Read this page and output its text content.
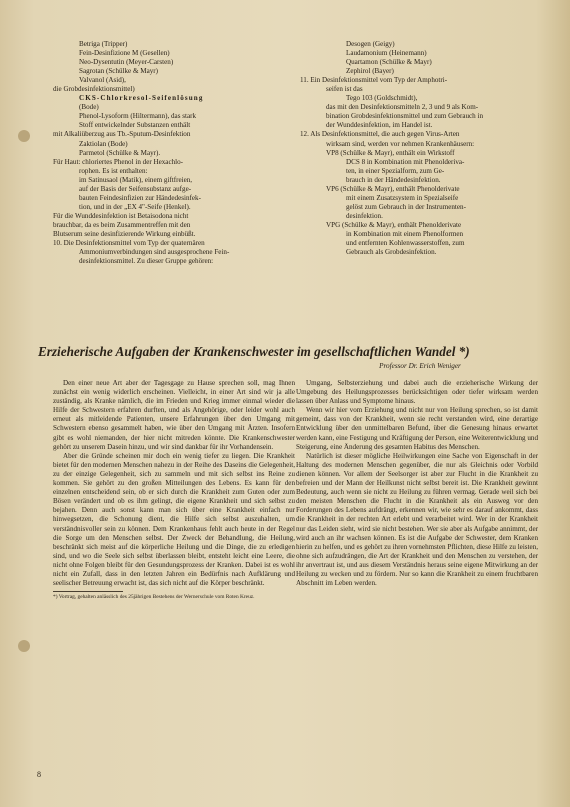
Betriga (Tripper)
Fein-Desinfizione M (Gesellen)
Neo-Dysentutin (Meyer-Carsten)
Sagrotan (Schülke & Mayr)
Valvanol (Asid),
die Grobdesinfektionsmittel)
CKS-Chlorkresol-Seifenlösung
(Bode)
Phenol-Lysoform (Hiltermann), das stark
Stoff entwickelnder Substanzen enthält
mit Alkaliüberzug aus Tb.-Sputum-Desinfektion
Zaktiolan (Bode)
Parmetol (Schülke & Mayr).
Für Haut: chloriertes Phenol in der Hexachlo-
rophen. Es ist enthalten:
im Satinusaol (Matik), einem giftfreien,
auf der Basis der Seifensubstanz aufge-
bauten Feindesinfizien zur Händedesinfek-
tion, und in der „EX 4"-Seife (Henkel).
Für die Wunddesinfektion ist Betaisodona nicht
brauchbar, da es beim Zusammentreffen mit den
Blutserum seine desinfizierende Wirkung einbüßt.
10. Die Desinfektionsmittel vom Typ der quaternären
Ammoniumverbindungen sind ausgesprochene Fein-
desinfektionsmittel. Zu dieser Gruppe gehören:
Desogen (Geigy)
Laudamonium (Heinemann)
Quartamon (Schülke & Mayr)
Zephirol (Bayer)
11. Ein Desinfektionsmittel vom Typ der Amphotri-
seifen ist das
Tego 103 (Goldschmidt),
das mit den Desinfektionsmitteln 2, 3 und 9 als Kom-
bination Grobdesinfektionsmittel und zum Gebrauch in
der Wunddesinfektion, im Handel ist.
12. Als Desinfektionsmittel, die auch gegen Virus-Arten
wirksam sind, werden vor nehmen Krankenhäusern:
VP8 (Schülke & Mayr), enthält ein Wirkstoff
DCS 8 in Kombination mit Phenolderiva-
ten, in einer Spezialform, zum Ge-
brauch in der Händedesinfektion.
VP6 (Schülke & Mayr), enthält Phenolderivate
mit einem Zusatzsystem in Spezialseife
gelöst zum Gebrauch in der Instrumenten-
desinfektion.
VPG (Schülke & Mayr), enthält Phenolderivate
in Kombination mit einem Phenolformen
und entfernten Kohlenwasserstoffen, zum
Gebrauch als Grobdesinfektion.
Erzieherische Aufgaben der Krankenschwester im gesellschaftlichen Wandel *)
Professor Dr. Erich Weniger
Den einer neue Art aber der Tagesgage zu Hause sprechen soll, mag Ihnen zunächst ein wenig widerlich erscheinen. Vielleicht, in einer Art sind wir ja alle zuständig, als Kranke nämlich, die im Frieden und Krieg immer einmal wieder die Hilfe der Schwestern erfahren durften, und als Angehörige, oder leider wohl auch erneut als mitleidende Patienten, unsere Erfahrungen über den Umgang mit Schwestern ebenso gesammelt haben, wie über den Umgang mit Ärzten. Insofern gibt es wohl niemanden, der hier nicht mitreden könnte. Die Krankenschwester gehört zu unserem Dasein hinzu, und wir sind dankbar für ihr Vorhandensein.
Aber die Gründe scheinen mir doch ein wenig tiefer zu liegen. Die Krankheit bietet für den modernen Menschen nahezu in der Reihe des Daseins die Gelegenheit, zu der einzige Gelegenheit, sich zu sammeln und mit sich selbst ins Reine zu kommen. Sie gehört zu den großen Mitteilungen des Lebens. Es kann für den einzelnen entscheidend sein, ob er sich durch die Krankheit zum Guten oder zum Bösen verändert und ob es ihm gelingt, die eigene Krankheit und sich selbst zu bejahen. Denn auch sonst kann man sich über eine Krankheit einfach nur hinwegsetzen, die Schonung dient, die Hilfe sich selbst auszuhalten, um verständnisvoller sein zu können. Dem Krankenhaus fehlt auch heute in der Regel die Sorge um den Menschen selbst. Der Zweck der Behandlung, die Heilung, beschränkt sich meist auf die körperliche Heilung und die Dinge, die zu erledigen sind, und wo die Seele sich selbst überlassen bleibt, entsteht leicht eine Leere, die nicht ohne Folgen bleibt für den Gesundungsprozess der Kranken. Dabei ist es wohl nicht ein Zufall, dass in den letzten Jahren ein Bedürfnis nach Aufklärung und seelischer Betreuung erwacht ist, das sich nicht auf die Körper beschränkt.
*) Vortrag, gehalten anlässlich des 25jährigen Bestehens der Wernerschule vom Roten Kreuz.
Umgang, Selbsterziehung und dabei auch die erzieherische Wirkung der Umgebung des Heilungsprozesses berücksichtigen oder tiefer wirksam werden lassen über Anlass und Symptome hinaus.
Wenn wir hier vom Erziehung und nicht nur von Heilung sprechen, so ist damit gemeint, dass von der Krankheit, wenn sie recht verstanden wird, eine derartige Entwicklung über den unmittelbaren Befund, über die Genesung hinaus erwartet werden kann, eine Festigung und Kräftigung der Person, eine Weiterentwicklung und Steigerung, eine Änderung des gesamten Habitus des Menschen.
Natürlich ist dieser mögliche Heilwirkungen eine Sache von Eigenschaft in der Haltung des modernen Menschen gegenüber, die nur als Gleichnis oder Vorbild dienen können. Vor allem der Seelsorger ist aber zur Flucht in die Krankheit zu befreien und der Mann der Heilkunst nicht selbst bereit ist. Die Krankheit gewinnt Bedeutung, auch wenn sie nicht zu Heilung zu führen vermag. Gerade weil sich bei den meisten Menschen die Flucht in die Krankheit als ein Ausweg vor den Forderungen des Lebens aufdrängt, erkennen wir, wie sehr es darauf ankommt, dass die Krankheit in der rechten Art erlebt und verarbeitet wird. Wer in der Krankheit nur das Leiden sieht, wird sie nicht bestehen. Wer sie aber als Aufgabe annimmt, der wird auch an ihr wachsen können. Es ist die Aufgabe der Schwester, dem Kranken hierin zu helfen, und es gehört zu ihren vornehmsten Pflichten, diese Hilfe zu leisten, ohne sich aufzudrängen, die Art der Krankheit und den Menschen zu verstehen, der ihr anvertraut ist, und aus diesem Verständnis heraus seine eigene Mitwirkung an der Heilung zu wecken und zu fördern. Nur so kann die Krankheit zu einem fruchtbaren Abschnitt im Leben werden.
8
